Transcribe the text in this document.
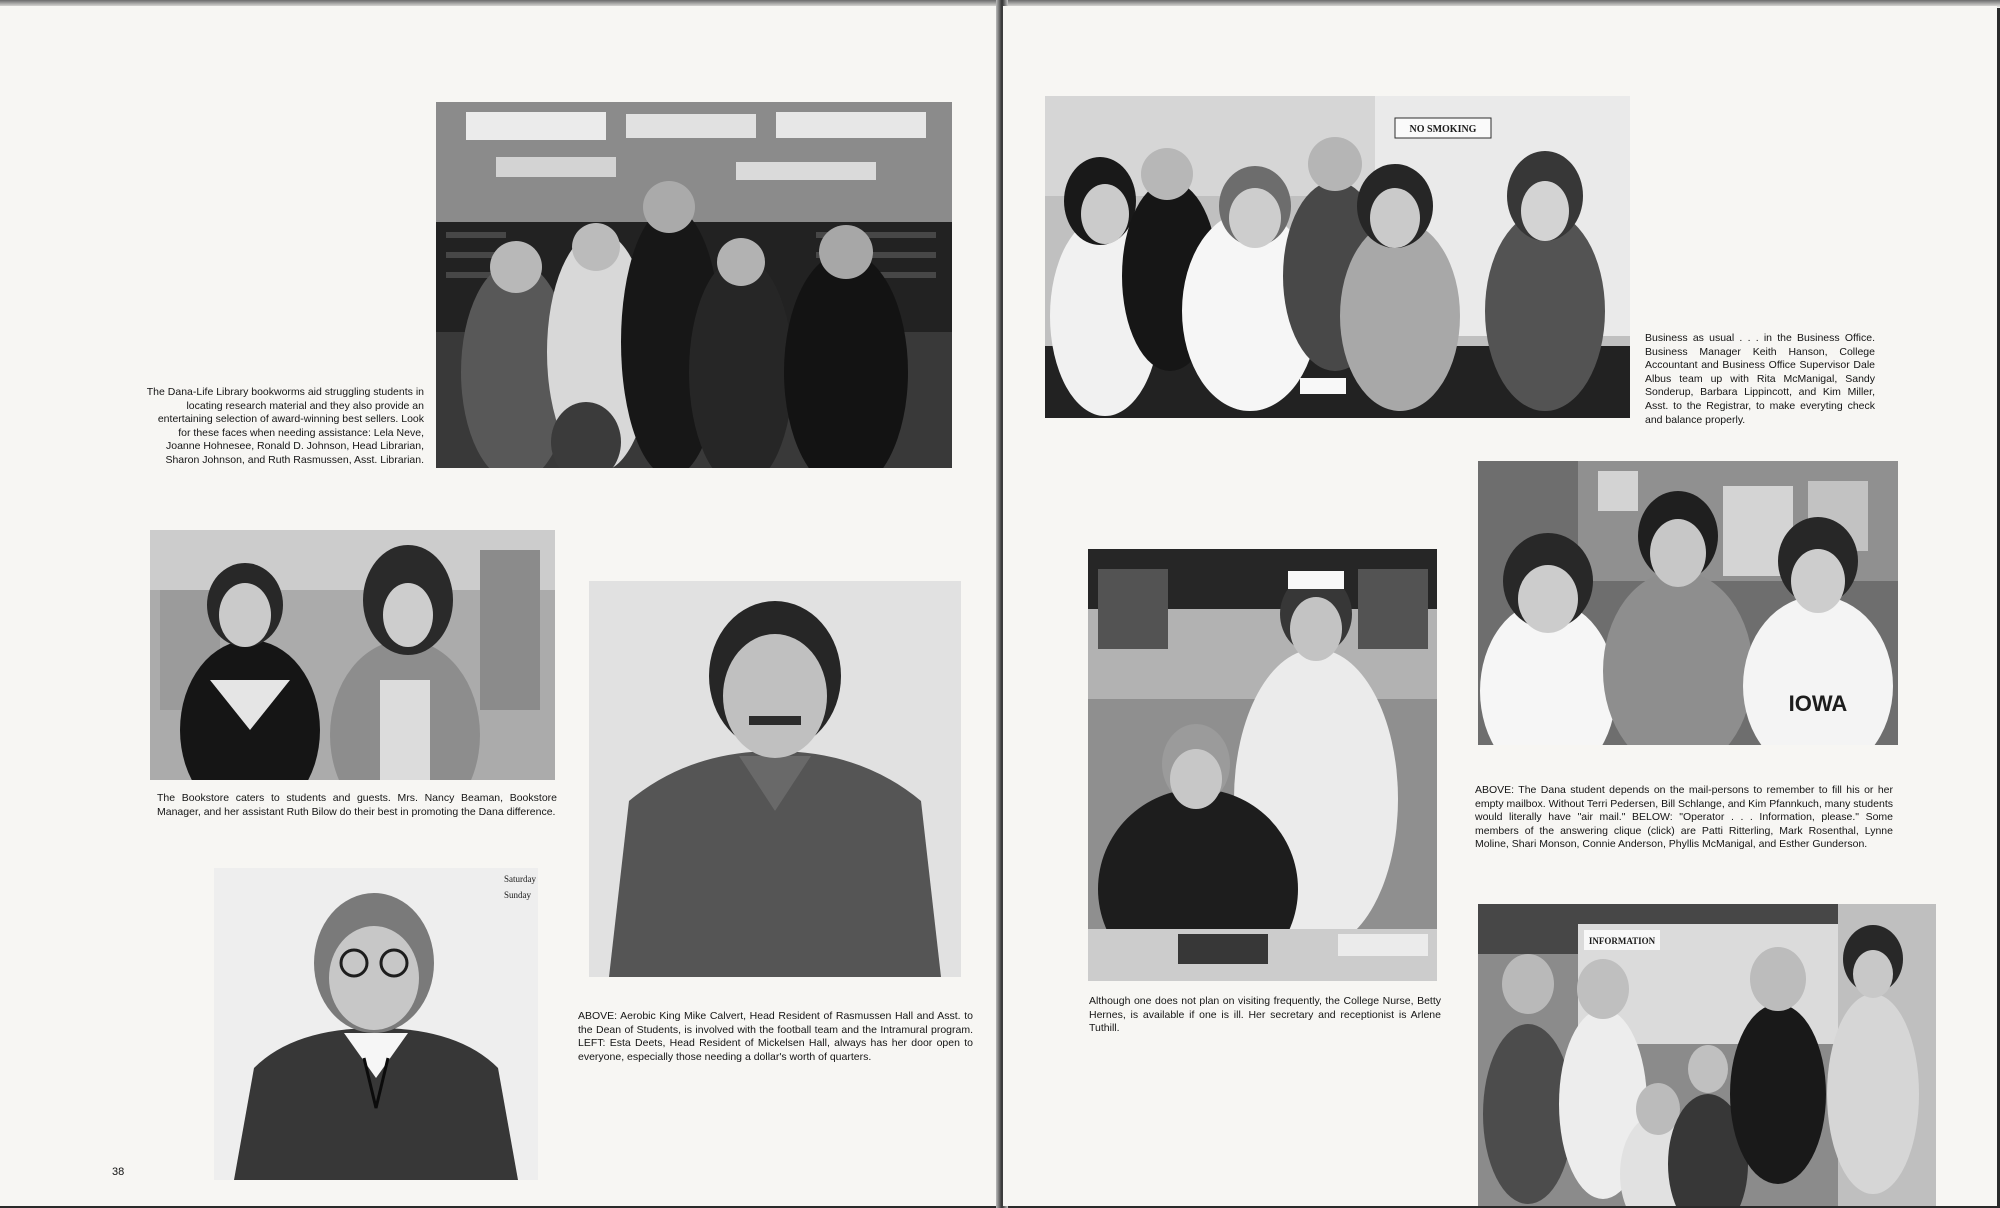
The Dana-Life Library bookworms aid struggling students in locating research material and they also provide an entertaining selection of award-winning best sellers. Look for these faces when needing assistance: Lela Neve, Joanne Hohnesee, Ronald D. Johnson, Head Librarian, Sharon Johnson, and Ruth Rasmussen, Asst. Librarian.

The Bookstore caters to students and guests. Mrs. Nancy Beaman, Bookstore Manager, and her assistant Ruth Bilow do their best in promoting the Dana difference.

Saturday
Sunday

ABOVE: Aerobic King Mike Calvert, Head Resident of Rasmussen Hall and Asst. to the Dean of Students, is involved with the football team and the Intramural program. LEFT: Esta Deets, Head Resident of Mickelsen Hall, always has her door open to everyone, especially those needing a dollar's worth of quarters.

38
NO SMOKING

Business as usual . . . in the Business Office. Business Manager Keith Hanson, College Accountant and Business Office Supervisor Dale Albus team up with Rita McManigal, Sandy Sonderup, Barbara Lippincott, and Kim Miller, Asst. to the Registrar, to make everyting check and balance properly.

IOWA

ABOVE: The Dana student depends on the mail-persons to remember to fill his or her empty mailbox. Without Terri Pedersen, Bill Schlange, and Kim Pfannkuch, many students would literally have "air mail." BELOW: "Operator . . . Information, please." Some members of the answering clique (click) are Patti Ritterling, Mark Rosenthal, Lynne Moline, Shari Monson, Connie Anderson, Phyllis McManigal, and Esther Gunderson.

Although one does not plan on visiting frequently, the College Nurse, Betty Hernes, is available if one is ill. Her secretary and receptionist is Arlene Tuthill.

INFORMATION
